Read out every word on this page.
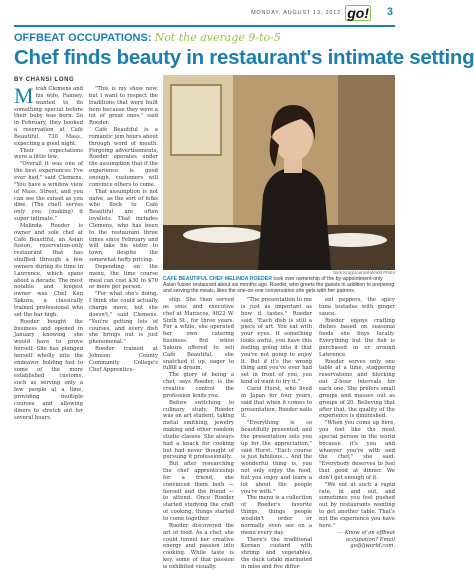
MONDAY, AUGUST 13, 2012 go! 3
OFFBEAT OCCUPATIONS: Not the average 9-to-5
Chef finds beauty in restaurant's intimate setting
BY CHANSI LONG
Nick Krug/Journal-World Photo
CAFE BEAUTIFUL CHEF MELINDA ROEDER took over ownership of the by-appointment-only Asian fusion restaurant about six months ago. Roeder, who greets the guests in addition to preparing and serving the meals, likes the one-on-one conversation she gets with her patrons.

Micah Clemens and his wife, Fanney, wanted to do something special before their baby was born. So in February, they booked a reservation at Café Beautiful, 730 Mass., expecting a good night.

Their expectations were a little low.

"Overall it was one of the best experiences I've ever had," said Clemens. "You have a window view of Mass. Street, and you can see the sunset as you dine. (The chef) serves only you, (making) it super intimate."

Melinda Roeder is owner and sole chef at Café Beautiful, an Asian fusion, reservation-only restaurant that has shuffled through a few owners during its time in Lawrence, which spans about a decade. The most notable and longest owner was Chef Ken Sakura, a classically trained professional who set the bar high.

Roeder bought the business and opened in January knowing she would have to prove herself. She has plunged herself wholly into the endeavor, holding fast to some of the more established customs, such as serving only a few people at a time, providing multiple courses and allowing diners to stretch out for several hours.

"This is my show now, but I want to respect the traditions that were built here because they were a lot of great ones," said Roeder.

Café Beautiful is a romantic jem hours about through word of mouth. Forgoing advertisements, Roeder operates under the assumption that if the experience is good enough, customers will convince others to come.

That assumption is not naive, as the sort of folks who flock to Café Beautiful are often loyalists. That includes Clemens, who has been to the restaurant three times since February and will take his sister to town, despite the somewhat hefty pricing.

Depending on the menu, the time course meal can cost $30 to $70 or more per person.

"For what she's doing, I think she could actually charge more, but she doesn't," said Clemens. "You're getting lots of courses, and every dish she brings out is just phenomenal."

Roeder trained at Johnson County Community College's Chef Apprentice-

ship. She then served as sous and executive chef at Mariscos, 4822 W. Sixth St., for three years. For a while, she operated her own catering business. But when Sakura offered to sell Café Beautiful, she snatched it up, eager to fulfill a dream.

The glory of being a chef, says Roeder, is the creative control the profession lends you.

Before switching to culinary study, Roeder was an art student, taking metal smithing, jewelry making and other random studio classes. She always had a knack for cooking but had never thought of pursuing it professionally.

But after researching the chef apprenticeship for a friend, she convinced them both — herself and the friend — to attend. Once Roeder started studying the craft of cooking, things started to come together.

Roeder discovered the art of food. As a chef, she could funnel her creative energy and passion into cooking. While taste is key, some of that passion is exhibited visually.

"The presentation to me is just as important as how it tastes," Roeder said. "Each dish is still a piece of art. You eat with your eyes. If something looks awful, you have this feeling going into it that you're not going to enjoy it. But if it's the wrong thing and you've ever had set in front of you, you kind of want to try it."

Carol Hurst, who lived in Japan for four years, said that when it comes to presentation, Roeder nails it.

"Everything is so beautifully presented, and the presentation sets you up for the appreciation," said Hurst. "Each course is just fabulous.... And the wonderful thing is, you not only enjoy the food, but you enjoy and learn a lot about the people you're with."

The menu is a collection of Roeder's favorite things, things people wouldn't order or normally even see on a menu every day.

There's the traditional Korean custard with shrimp and vegetables, the duck tataki marinated in miso and five differ-

ent peppers, the spicy tuna tostadas with ginger sauce.

Roeder enjoys crafting dishes based on seasonal foods she buys locally. Everything but the fish is purchased in or around Lawrence.

Roeder serves only one table at a time, staggering reservations and blocking out 2-hour intervals for each one. She prefers small groups and masses out as groups of 20. Believing that after that, the quality of the experience is diminished.

"When you come up here, you feel like the most special person in the world because it's you and whoever you're with and the chef," she said. "Everybody deserves to feel that good at dinner. We don't get enough of it.

"We eat at such a rapid rate, in and out, and sometimes you feel pushed out by restaurants wanting to get another table. That's not the experience you have here."

— Know of an offbeat occupation? Email go@ljworld.com.
